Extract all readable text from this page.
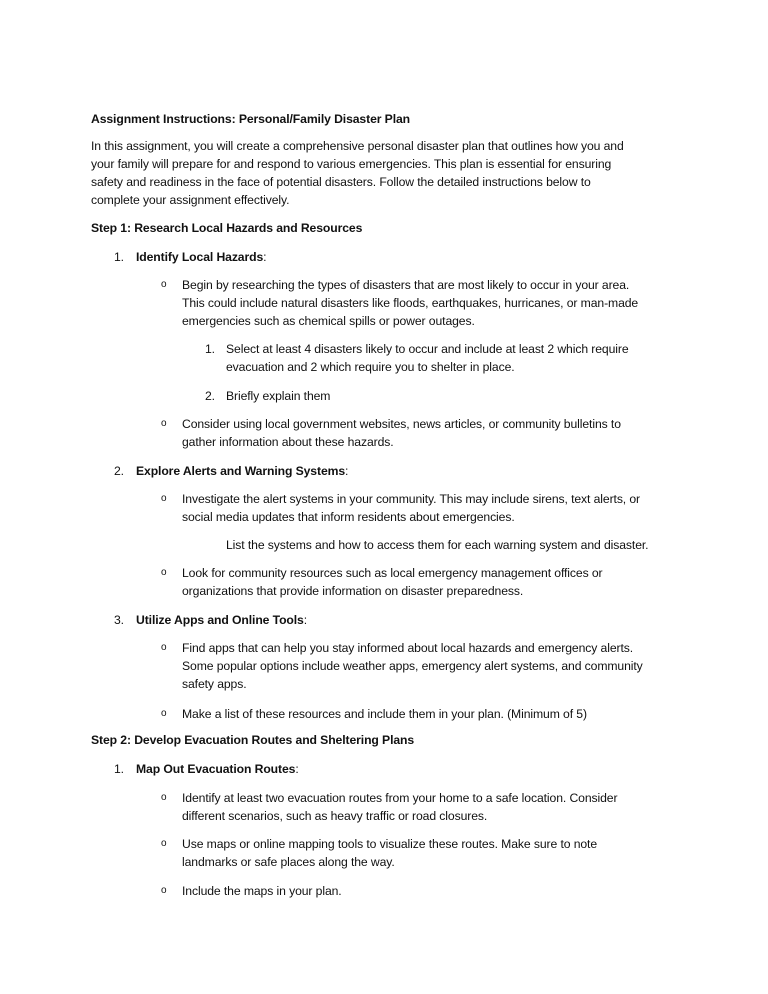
Assignment Instructions: Personal/Family Disaster Plan
In this assignment, you will create a comprehensive personal disaster plan that outlines how you and
your family will prepare for and respond to various emergencies. This plan is essential for ensuring
safety and readiness in the face of potential disasters. Follow the detailed instructions below to
complete your assignment effectively.
Step 1: Research Local Hazards and Resources
1. Identify Local Hazards:
o Begin by researching the types of disasters that are most likely to occur in your area.
This could include natural disasters like floods, earthquakes, hurricanes, or man-made
emergencies such as chemical spills or power outages.
1. Select at least 4 disasters likely to occur and include at least 2 which require
evacuation and 2 which require you to shelter in place.
2. Briefly explain them
o Consider using local government websites, news articles, or community bulletins to
gather information about these hazards.
2. Explore Alerts and Warning Systems:
o Investigate the alert systems in your community. This may include sirens, text alerts, or
social media updates that inform residents about emergencies.
List the systems and how to access them for each warning system and disaster.
o Look for community resources such as local emergency management offices or
organizations that provide information on disaster preparedness.
3. Utilize Apps and Online Tools:
o Find apps that can help you stay informed about local hazards and emergency alerts.
Some popular options include weather apps, emergency alert systems, and community
safety apps.
o Make a list of these resources and include them in your plan. (Minimum of 5)
Step 2: Develop Evacuation Routes and Sheltering Plans
1. Map Out Evacuation Routes:
o Identify at least two evacuation routes from your home to a safe location. Consider
different scenarios, such as heavy traffic or road closures.
o Use maps or online mapping tools to visualize these routes. Make sure to note
landmarks or safe places along the way.
o Include the maps in your plan.
